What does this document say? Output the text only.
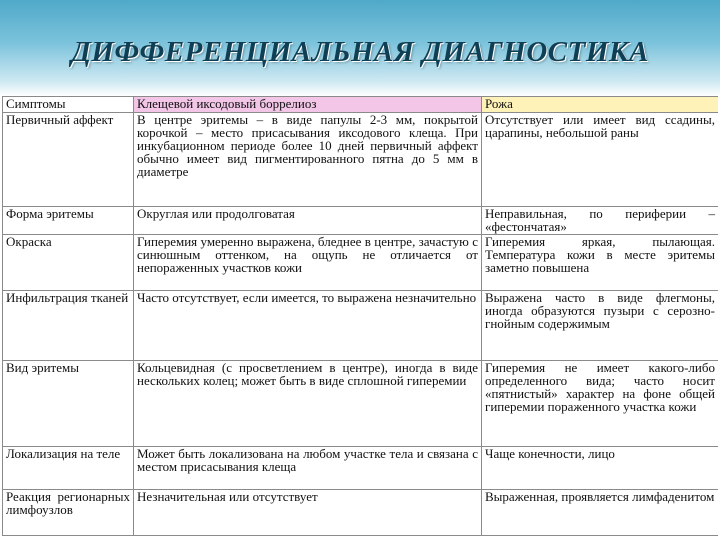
ДИФФЕРЕНЦИАЛЬНАЯ ДИАГНОСТИКА
Симптомы	Клещевой иксодовый боррелиоз	Рожа
Первичный аффект	В центре эритемы – в виде папулы 2-3 мм, покрытой корочкой – место присасывания иксодового клеща. При инкубационном периоде более 10 дней первичный аффект обычно имеет вид пигментированного пятна до 5 мм в диаметре	Отсутствует или имеет вид ссадины, царапины, небольшой раны
Форма эритемы	Округлая или продолговатая	Неправильная, по периферии – «фестончатая»
Окраска	Гиперемия умеренно выражена, бледнее в центре, зачастую с синюшным оттенком, на ощупь не отличается от непораженных участков кожи	Гиперемия яркая, пылающая. Температура кожи в месте эритемы заметно повышена
Инфильтрация тканей	Часто отсутствует, если имеется, то выражена незначительно	Выражена часто в виде флегмоны, иногда образуются пузыри с серозно-гнойным содержимым
Вид эритемы	Кольцевидная (с просветлением в центре), иногда в виде нескольких колец; может быть в виде сплошной гиперемии	Гиперемия не имеет какого-либо определенного вида; часто носит «пятнистый» характер на фоне общей гиперемии пораженного участка кожи
Локализация на теле	Может быть локализована на любом участке тела и связана с местом присасывания клеща	Чаще конечности, лицо
Реакция регионарных лимфоузлов	Незначительная или отсутствует	Выраженная, проявляется лимфаденитом
